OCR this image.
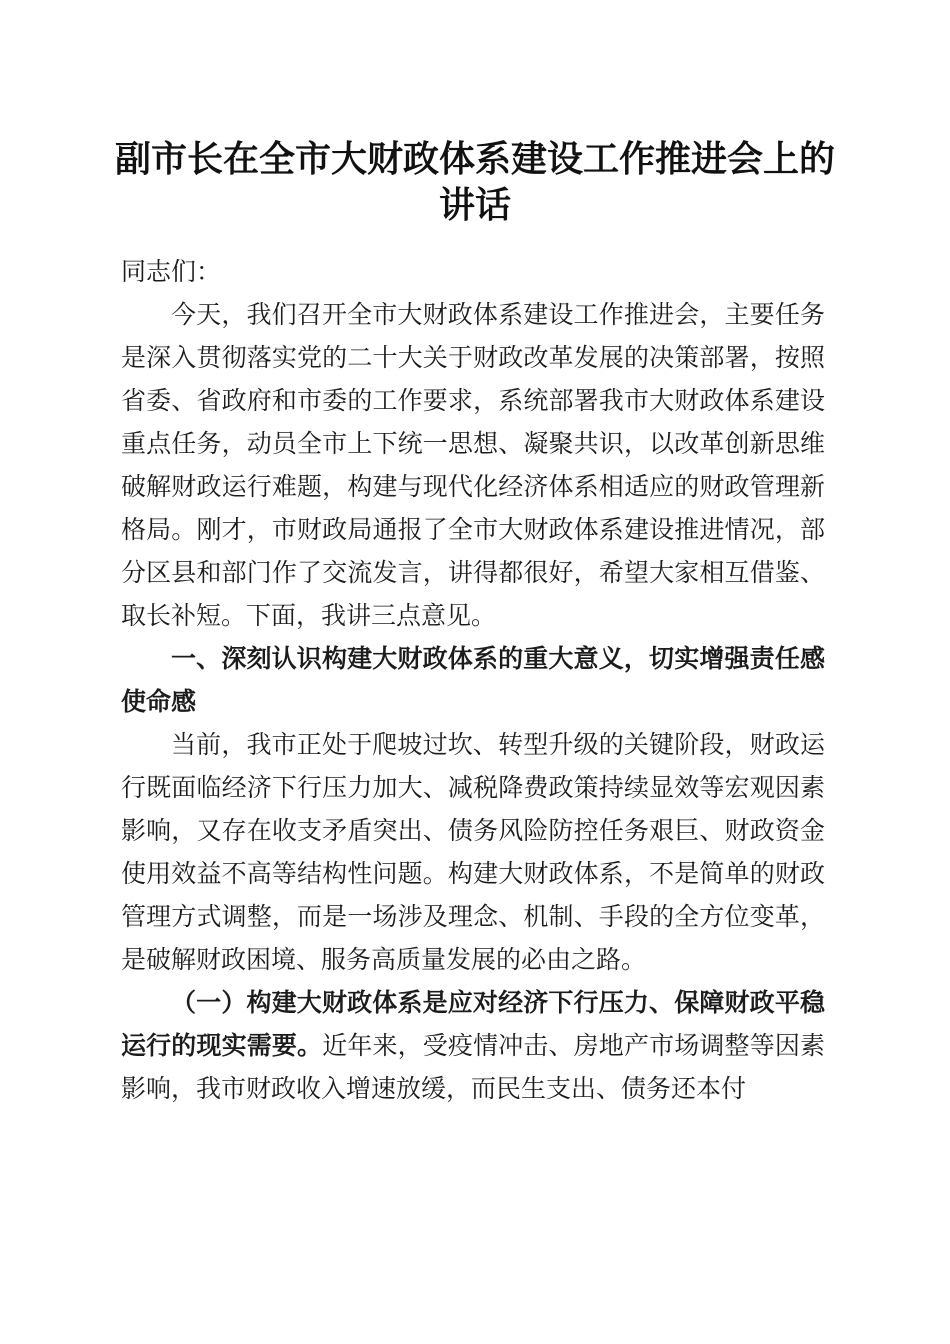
副市长在全市大财政体系建设工作推进会上的
讲话

同志们：

今天，我们召开全市大财政体系建设工作推进会，主要任务是深入贯彻落实党的二十大关于财政改革发展的决策部署，按照省委、省政府和市委的工作要求，系统部署我市大财政体系建设重点任务，动员全市上下统一思想、凝聚共识，以改革创新思维破解财政运行难题，构建与现代化经济体系相适应的财政管理新格局。刚才，市财政局通报了全市大财政体系建设推进情况，部分区县和部门作了交流发言，讲得都很好，希望大家相互借鉴、取长补短。下面，我讲三点意见。

一、深刻认识构建大财政体系的重大意义，切实增强责任感使命感

当前，我市正处于爬坡过坎、转型升级的关键阶段，财政运行既面临经济下行压力加大、减税降费政策持续显效等宏观因素影响，又存在收支矛盾突出、债务风险防控任务艰巨、财政资金使用效益不高等结构性问题。构建大财政体系，不是简单的财政管理方式调整，而是一场涉及理念、机制、手段的全方位变革，是破解财政困境、服务高质量发展的必由之路。

（一）构建大财政体系是应对经济下行压力、保障财政平稳运行的现实需要。近年来，受疫情冲击、房地产市场调整等因素影响，我市财政收入增速放缓，而民生支出、债务还本付
